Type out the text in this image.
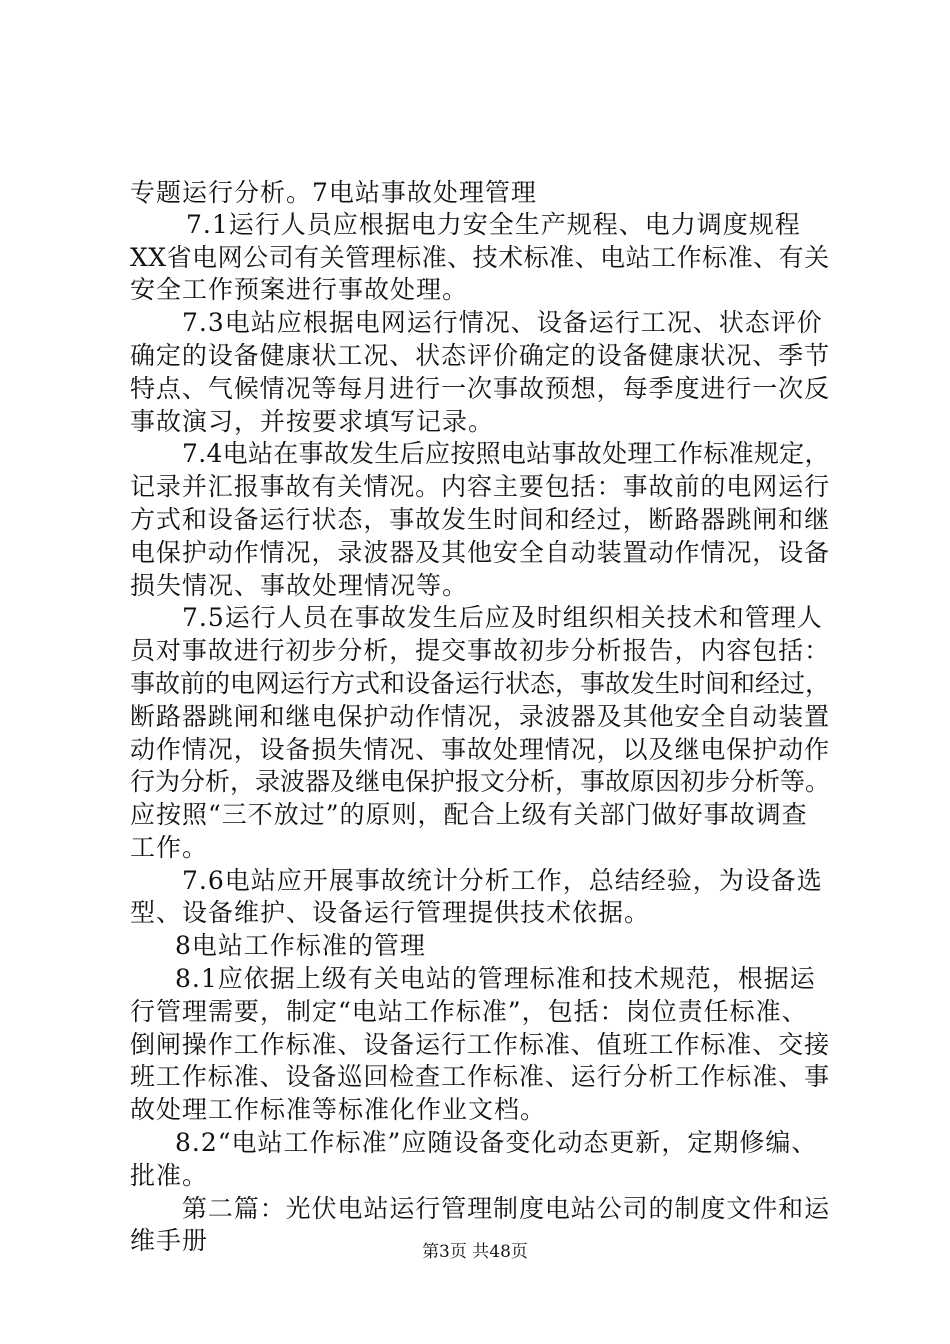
专题运行分析。7电站事故处理管理
7.1运行人员应根据电力安全生产规程、电力调度规程
XX省电网公司有关管理标准、技术标准、电站工作标准、有关
安全工作预案进行事故处理。
7.3电站应根据电网运行情况、设备运行工况、状态评价
确定的设备健康状工况、状态评价确定的设备健康状况、季节
特点、气候情况等每月进行一次事故预想，每季度进行一次反
事故演习，并按要求填写记录。
7.4电站在事故发生后应按照电站事故处理工作标准规定，
记录并汇报事故有关情况。内容主要包括：事故前的电网运行
方式和设备运行状态，事故发生时间和经过，断路器跳闸和继
电保护动作情况，录波器及其他安全自动装置动作情况，设备
损失情况、事故处理情况等。
7.5运行人员在事故发生后应及时组织相关技术和管理人
员对事故进行初步分析，提交事故初步分析报告，内容包括：
事故前的电网运行方式和设备运行状态，事故发生时间和经过，
断路器跳闸和继电保护动作情况，录波器及其他安全自动装置
动作情况，设备损失情况、事故处理情况，以及继电保护动作
行为分析，录波器及继电保护报文分析，事故原因初步分析等。
应按照“三不放过”的原则，配合上级有关部门做好事故调查
工作。
7.6电站应开展事故统计分析工作，总结经验，为设备选
型、设备维护、设备运行管理提供技术依据。
8电站工作标准的管理
8.1应依据上级有关电站的管理标准和技术规范，根据运
行管理需要，制定“电站工作标准”，包括：岗位责任标准、
倒闸操作工作标准、设备运行工作标准、值班工作标准、交接
班工作标准、设备巡回检查工作标准、运行分析工作标准、事
故处理工作标准等标准化作业文档。
8.2“电站工作标准”应随设备变化动态更新，定期修编、
批准。
第二篇：光伏电站运行管理制度电站公司的制度文件和运
维手册	第3页 共48页
